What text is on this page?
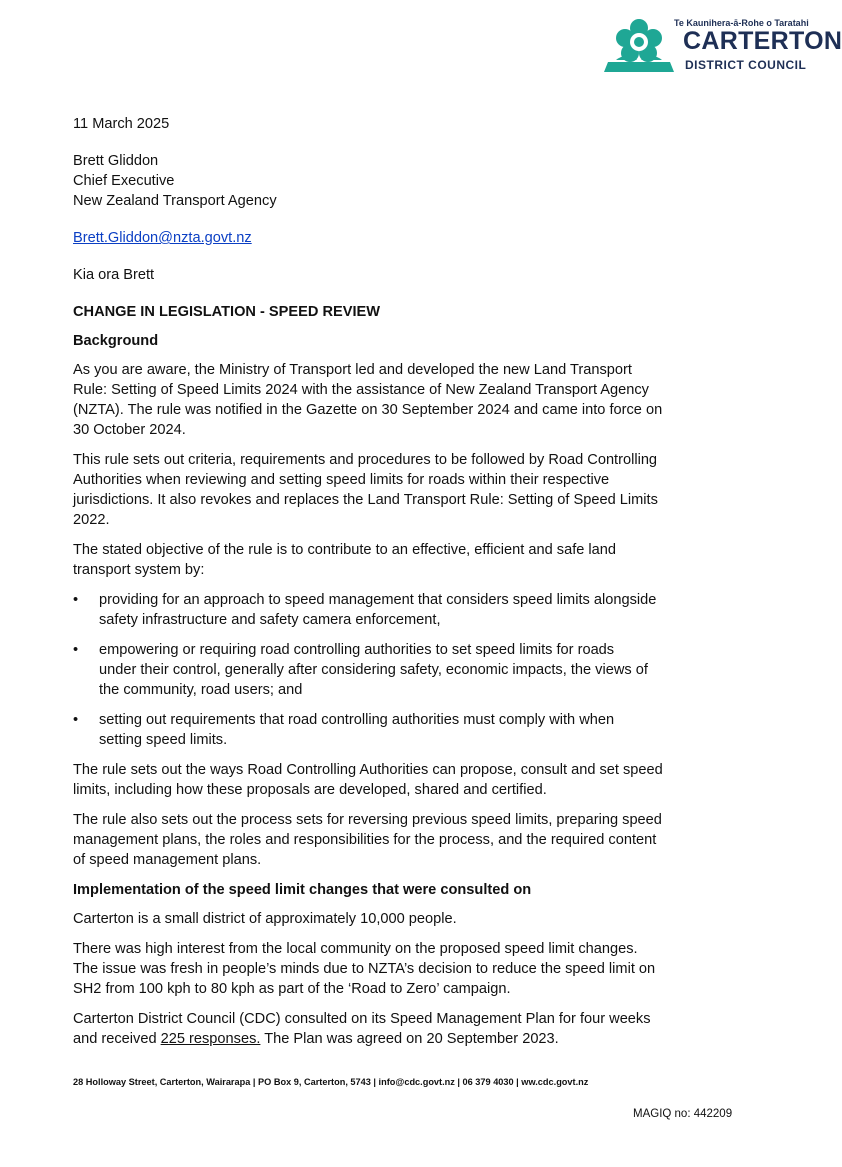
Te Kaunihera-ā-Rohe o Taratahi
CARTERTON
DISTRICT COUNCIL

11 March 2025

Brett Gliddon

Chief Executive

New Zealand Transport Agency

Brett.Gliddon@nzta.govt.nz

Kia ora Brett

CHANGE IN LEGISLATION - SPEED REVIEW

Background

As you are aware, the Ministry of Transport led and developed the new Land Transport

Rule: Setting of Speed Limits 2024 with the assistance of New Zealand Transport Agency

(NZTA). The rule was notified in the Gazette on 30 September 2024 and came into force on

30 October 2024.

This rule sets out criteria, requirements and procedures to be followed by Road Controlling

Authorities when reviewing and setting speed limits for roads within their respective

jurisdictions. It also revokes and replaces the Land Transport Rule: Setting of Speed Limits

2022.

The stated objective of the rule is to contribute to an effective, efficient and safe land

transport system by:

• providing for an approach to speed management that considers speed limits alongside

safety infrastructure and safety camera enforcement,

• empowering or requiring road controlling authorities to set speed limits for roads

under their control, generally after considering safety, economic impacts, the views of

the community, road users; and

• setting out requirements that road controlling authorities must comply with when

setting speed limits.

The rule sets out the ways Road Controlling Authorities can propose, consult and set speed

limits, including how these proposals are developed, shared and certified.

The rule also sets out the process sets for reversing previous speed limits, preparing speed

management plans, the roles and responsibilities for the process, and the required content

of speed management plans.

Implementation of the speed limit changes that were consulted on

Carterton is a small district of approximately 10,000 people.

There was high interest from the local community on the proposed speed limit changes.

The issue was fresh in people’s minds due to NZTA’s decision to reduce the speed limit on

SH2 from 100 kph to 80 kph as part of the ‘Road to Zero’ campaign.

Carterton District Council (CDC) consulted on its Speed Management Plan for four weeks

and received 225 responses. The Plan was agreed on 20 September 2023.

28 Holloway Street, Carterton, Wairarapa | PO Box 9, Carterton, 5743 | info@cdc.govt.nz | 06 379 4030 | ww.cdc.govt.nz
MAGIQ no: 442209
